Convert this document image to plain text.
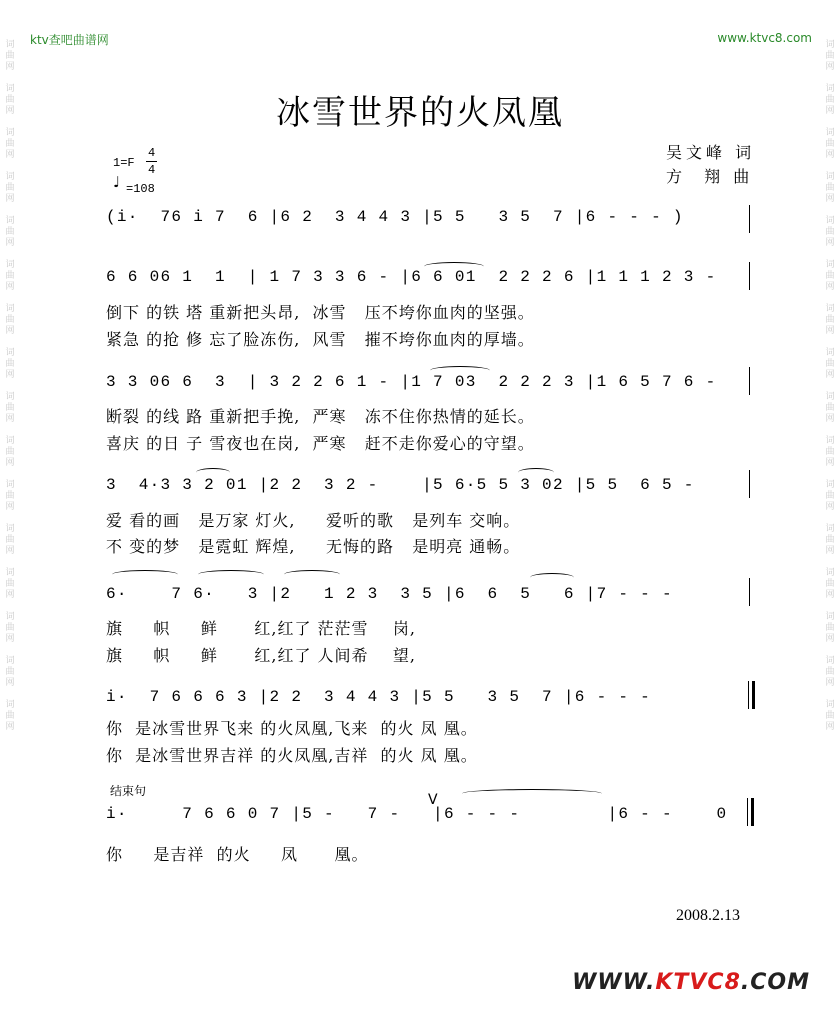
ktv查吧曲谱网	www.ktvc8.com
词曲网

词曲网

词曲网

词曲网

词曲网

词曲网

词曲网

词曲网

词曲网

词曲网

词曲网

词曲网

词曲网

词曲网

词曲网

词曲网
词曲网

词曲网

词曲网

词曲网

词曲网

词曲网

词曲网

词曲网

词曲网

词曲网

词曲网

词曲网

词曲网

词曲网

词曲网

词曲网
冰雪世界的火凤凰
吴文峰 词
方  翔 曲
1=F
4
4
♩ =108
(i·  76 i 7  6 |6 2  3 4 4 3 |5 5   3 5  7 |6 - - - )
6 6 06 1  1  | 1 7 3 3 6 - |6 6 01  2 2 2 6 |1 1 1 2 3 -
倒下 的铁 塔 重新把头昂,  冰雪   压不垮你血肉的坚强。
紧急 的抢 修 忘了脸冻伤,  风雪   摧不垮你血肉的厚墙。
3 3 06 6  3  | 3 2 2 6 1 - |1 7 03  2 2 2 3 |1 6 5 7 6 -
断裂 的线 路 重新把手挽,  严寒   冻不住你热情的延长。
喜庆 的日 子 雪夜也在岗,  严寒   赶不走你爱心的守望。
3  4·3 3 2 01 |2 2  3 2 -    |5 6·5 5 3 02 |5 5  6 5 -
爱 看的画   是万家 灯火,     爱听的歌   是列车 交响。
不 变的梦   是霓虹 辉煌,     无悔的路   是明亮 通畅。
6·    7 6·   3 |2   1 2 3  3 5 |6  6  5   6 |7 - - -
旗     帜     鲜      红,红了 茫茫雪    岗,
旗     帜     鲜      红,红了 人间希    望,
i·  7 6 6 6 3 |2 2  3 4 4 3 |5 5   3 5  7 |6 - - -
你  是冰雪世界飞来 的火凤凰,飞来  的火 凤 凰。
你  是冰雪世界吉祥 的火凤凰,吉祥  的火 凤 凰。
结束句
V
i·     7 6 6 0 7 |5 -   7 -   |6 - - -        |6 - -    0
你     是吉祥  的火     凤      凰。
2008.2.13
WWW.KTVC8.COM
